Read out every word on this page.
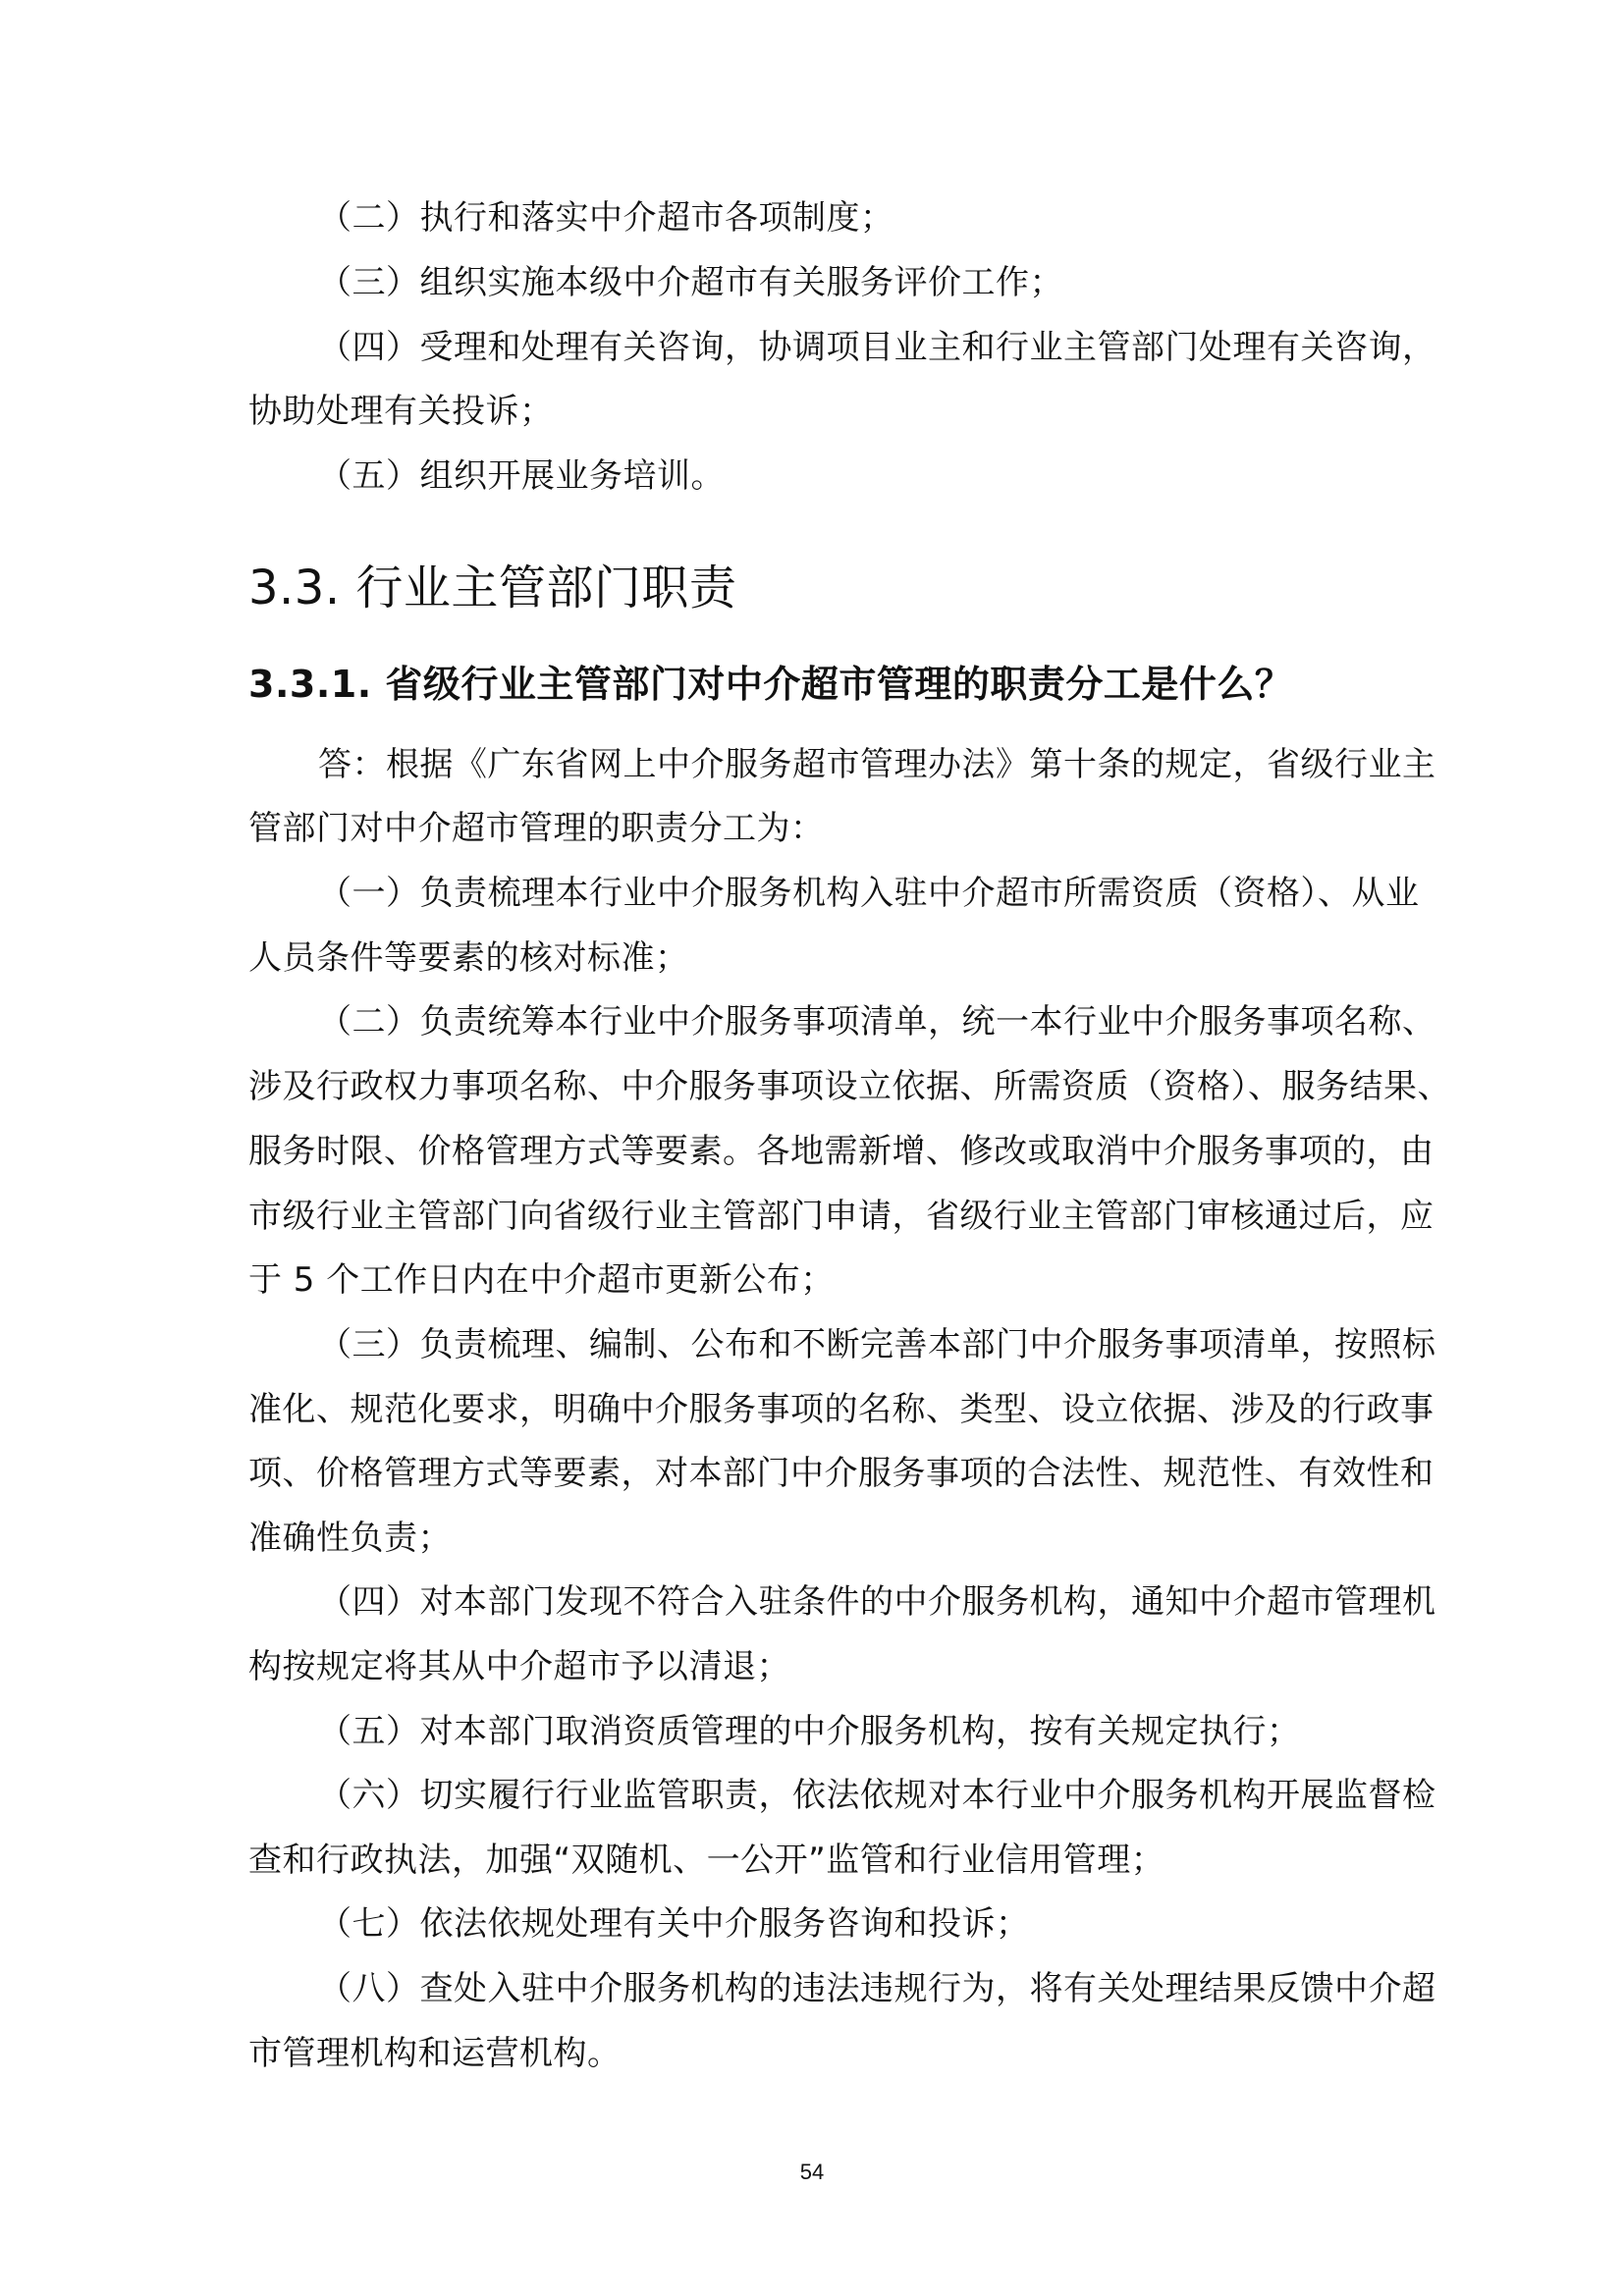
（二）执行和落实中介超市各项制度；
（三）组织实施本级中介超市有关服务评价工作；
（四）受理和处理有关咨询，协调项目业主和行业主管部门处理有关咨询，
协助处理有关投诉；
（五）组织开展业务培训。
3.3. 行业主管部门职责
3.3.1. 省级行业主管部门对中介超市管理的职责分工是什么？
答：根据《广东省网上中介服务超市管理办法》第十条的规定，省级行业主
管部门对中介超市管理的职责分工为：
（一）负责梳理本行业中介服务机构入驻中介超市所需资质（资格）、从业
人员条件等要素的核对标准；
（二）负责统筹本行业中介服务事项清单，统一本行业中介服务事项名称、
涉及行政权力事项名称、中介服务事项设立依据、所需资质（资格）、服务结果、
服务时限、价格管理方式等要素。各地需新增、修改或取消中介服务事项的，由
市级行业主管部门向省级行业主管部门申请，省级行业主管部门审核通过后，应
于 5 个工作日内在中介超市更新公布；
（三）负责梳理、编制、公布和不断完善本部门中介服务事项清单，按照标
准化、规范化要求，明确中介服务事项的名称、类型、设立依据、涉及的行政事
项、价格管理方式等要素，对本部门中介服务事项的合法性、规范性、有效性和
准确性负责；
（四）对本部门发现不符合入驻条件的中介服务机构，通知中介超市管理机
构按规定将其从中介超市予以清退；
（五）对本部门取消资质管理的中介服务机构，按有关规定执行；
（六）切实履行行业监管职责，依法依规对本行业中介服务机构开展监督检
查和行政执法，加强“双随机、一公开”监管和行业信用管理；
（七）依法依规处理有关中介服务咨询和投诉；
（八）查处入驻中介服务机构的违法违规行为，将有关处理结果反馈中介超
市管理机构和运营机构。
54
